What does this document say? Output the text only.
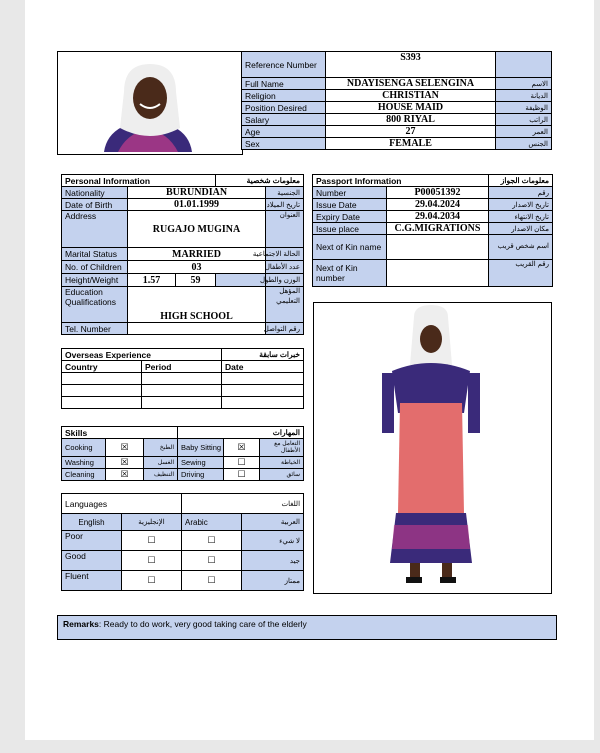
Reference Number	S393	
Full Name	NDAYISENGA SELENGINA	الاسم
Religion	CHRISTIAN	الديانة
Position Desired	HOUSE MAID	الوظيفة
Salary	800 RIYAL	الراتب
Age	27	العمر
Sex	FEMALE	الجنس
Personal Information			معلومات شخصية	
Nationality	BURUNDIAN			الجنسية
Date of Birth	01.01.1999			تاريخ الميلاد
Address	RUGAJO MUGINA			العنوان
Marital Status	MARRIED			الحالة الاجتماعية
No. of Children	03			عدد الأطفال
Height/Weight	1.57	59		الوزن والطول
Education Qualifications	HIGH SCHOOL			المؤهل التعليمي
Tel. Number				رقم التواصل
Passport Information		معلومات الجواز
Number	P00051392	رقم
Issue Date	29.04.2024	تاريخ الاصدار
Expiry Date	29.04.2034	تاريخ الانتهاء
Issue place	C.G.MIGRATIONS	مكان الاصدار
Next of Kin name		اسم شخص قريب
Next of Kin number		رقم القريب
Overseas Experience		خبرات سابقة
Country	Period	Date

Skills			المهارات		
Cooking	☒	الطبخ	Baby Sitting	☒	التعامل مع الأطفال
Washing	☒	الغسل	Sewing	☐	الخياطة
Cleaning	☒	التنظيف	Driving	☐	سائق
Languages		اللغات	
English	الإنجليزية	Arabic	العربية
Poor	☐	☐	لا شيء
Good	☐	☐	جيد
Fluent	☐	☐	ممتاز
Remarks: Ready to do work, very good taking care of the elderly
